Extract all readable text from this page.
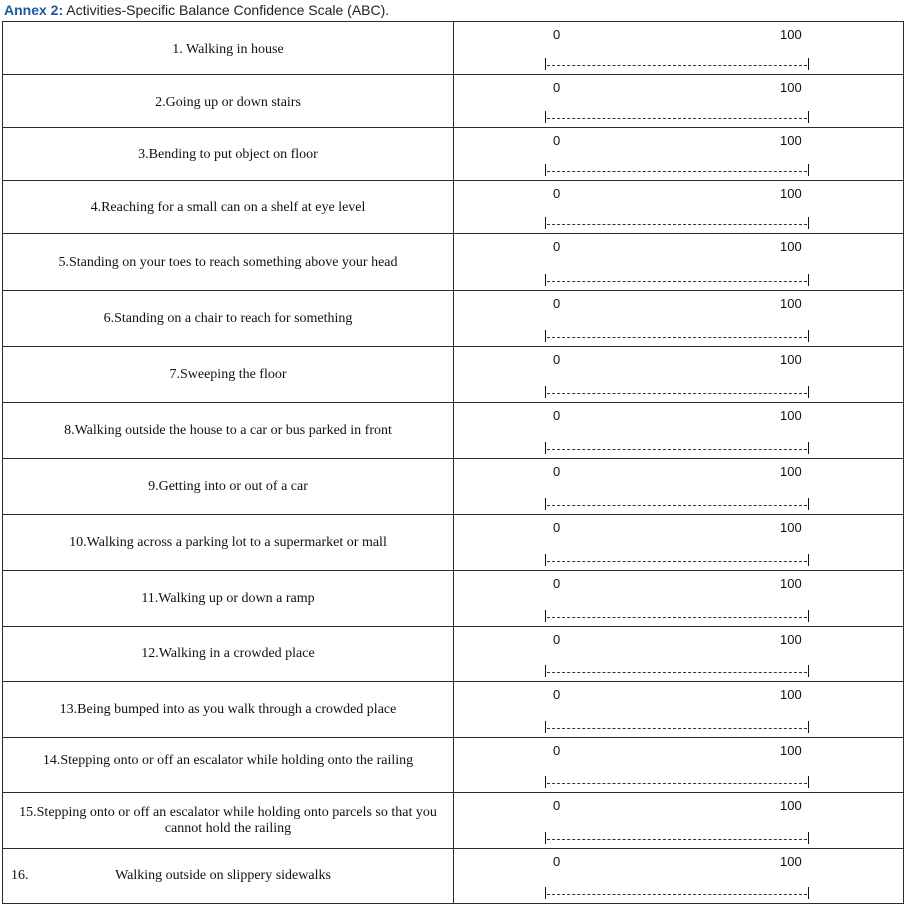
Annex 2: Activities-Specific Balance Confidence Scale (ABC).
1. Walking in house	0 100

2.Going up or down stairs	0 100

3.Bending to put object on floor	0 100

4.Reaching for a small can on a shelf at eye level	0 100

5.Standing on your toes to reach something above your head	0 100

6.Standing on a chair to reach for something	0 100

7.Sweeping the floor	0 100

8.Walking outside the house to a car or bus parked in front	0 100

9.Getting into or out of a car	0 100

10.Walking across a parking lot to a supermarket or mall	0 100

11.Walking up or down a ramp	0 100

12.Walking in a crowded place	0 100

13.Being bumped into as you walk through a crowded place	0 100

14.Stepping onto or off an escalator while holding onto the railing	0 100

15.Stepping onto or off an escalator while holding onto parcels so that you cannot hold the railing	0 100

16. Walking outside on slippery sidewalks	0 100
